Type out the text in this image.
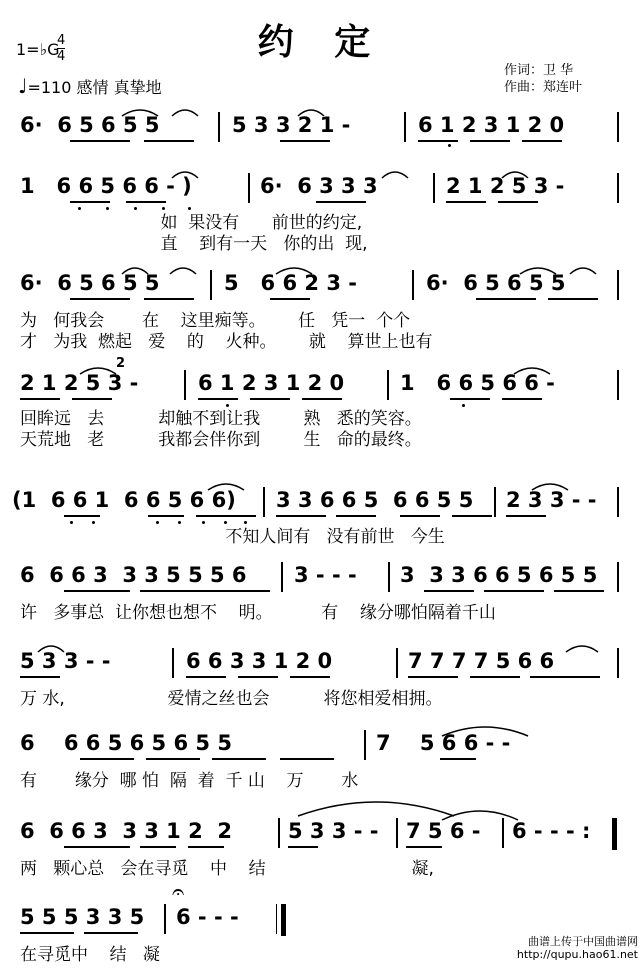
约 定
1=♭G
4
4
♩=110 感情 真挚地
作词：卫 华
作曲：郑连叶
6·  6 5 6 5 5	5 3 3 2 1 -	6 1 2 3 1 2 0
1   6 6 5 6 6 - )	6·  6 3 3 3	2 1 2 5 3 -
如  果没有      前世的约定,
直    到有一天   你的出  现,
6·  6 5 6 5 5	5   6 6 2 3 -	6·  6 5 6 5 5
为   何我会       在    这里痴等。      任   凭一  个个
才   为我  燃起   爱    的    火种。      就    算世上也有
2 1 2 5 3 -	6 1 2 3 1 2 0	1   6 6 5 6 6 -
回眸远   去          却触不到让我        熟   悉的笑容。
天荒地   老          我都会伴你到        生   命的最终。
(1  6 6 1  6 6 5 6 6) 3 3 6 6 5  6 6 5 5 2 3 3 - -
不知人间有   没有前世   今生
6  6 6 3  3 3 5 5 5 6 3 - - - 3  3 3 6 6 5 6 5 5
许   多事总  让你想也想不    明。         有    缘分哪怕隔着千山
5 3 3 - -	6 6 3 3 1 2 0	7 7 7 7 5 6 6
万 水,                   爱情之丝也会          将您相爱相拥。
6    6 6 5 6 5 6 5 5	7    5 6 6 - -
有       缘分  哪 怕  隔  着  千 山    万       水
6  6 6 3  3 3 1 2  2	5 3 3 - - 7 5 6 - 6 - - - :
两   颗心总   会在寻觅    中    结                           凝,
5 5 5 3 3 5 6 - - -
𝄐
在寻觅中    结   凝
2
曲谱上传于中国曲谱网
http://qupu.hao61.net
